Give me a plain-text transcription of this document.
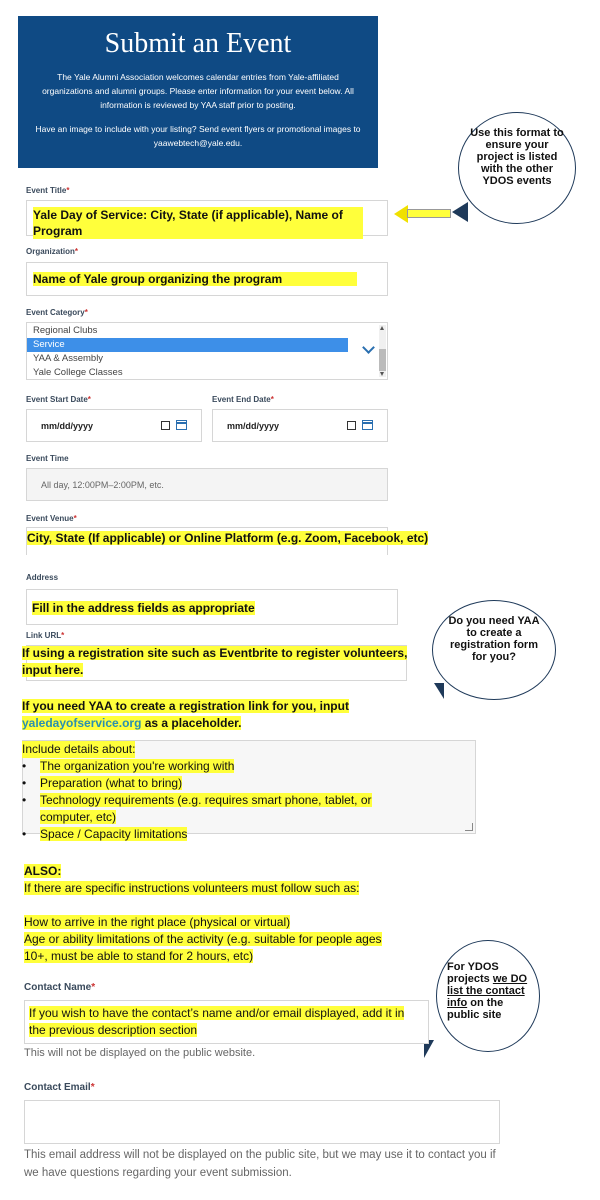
Submit an Event
The Yale Alumni Association welcomes calendar entries from Yale-affiliated organizations and alumni groups. Please enter information for your event below. All information is reviewed by YAA staff prior to posting.
Have an image to include with your listing? Send event flyers or promotional images to yaawebtech@yale.edu.
Use this format to ensure your project is listed with the other YDOS events
Event Title*
Yale Day of Service: City, State (if applicable), Name of Program
Organization*
Name of Yale group organizing the program
Event Category*
Regional Clubs
Service
YAA & Assembly
Yale College Classes
Event Start Date*
mm/dd/yyyy
Event End Date*
mm/dd/yyyy
Event Time
All day, 12:00PM–2:00PM, etc.
Event Venue*
City, State (If applicable) or Online Platform (e.g. Zoom, Facebook, etc)
Address
Fill in the address fields as appropriate
Do you need YAA to create a registration form for you?
Link URL*
If using a registration site such as Eventbrite to register volunteers, input here.
If you need YAA to create a registration link for you, input yaledayofservice.org as a placeholder.
Include details about:
• The organization you're working with
• Preparation (what to bring)
• Technology requirements (e.g. requires smart phone, tablet, or computer, etc)
• Space / Capacity limitations
ALSO:
If there are specific instructions volunteers must follow such as:
How to arrive in the right place (physical or virtual)
Age or ability limitations of the activity (e.g. suitable for people ages 10+, must be able to stand for 2 hours, etc)
For YDOS projects we DO list the contact info on the public site
Contact Name*
If you wish to have the contact’s name and/or email displayed, add it in the previous description section
This will not be displayed on the public website.
Contact Email*
This email address will not be displayed on the public site, but we may use it to contact you if we have questions regarding your event submission.
